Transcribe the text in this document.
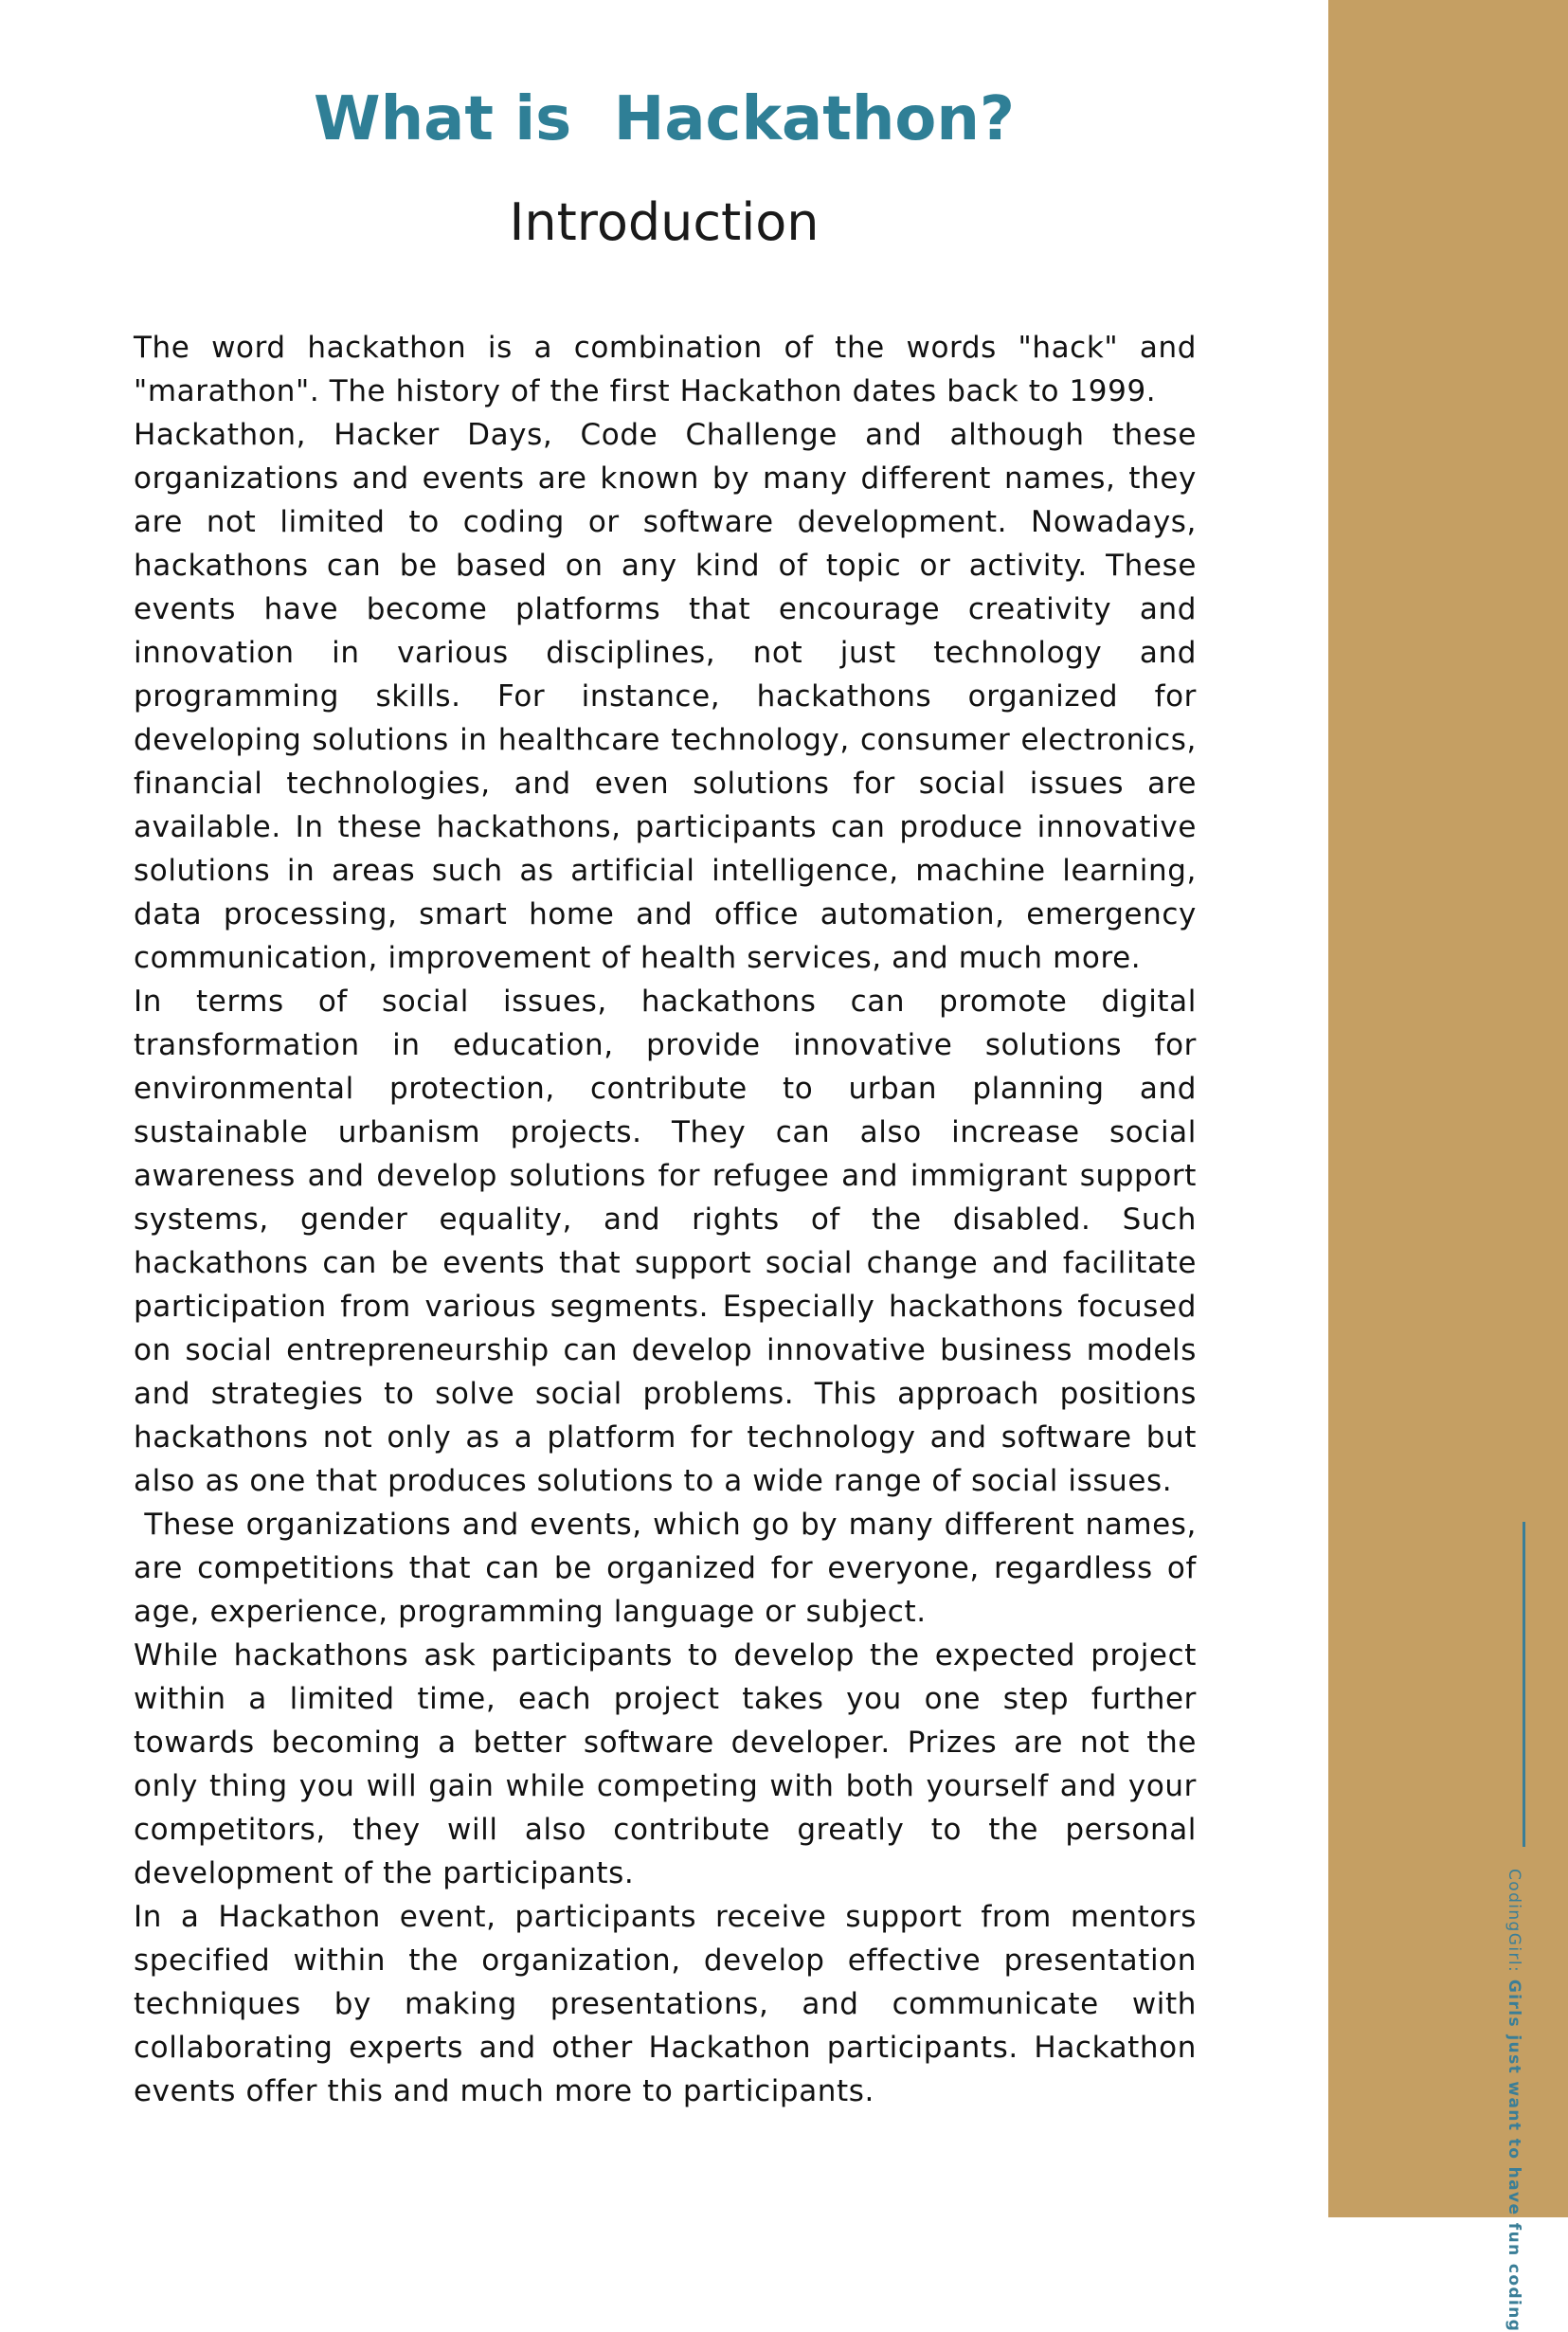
What is  Hackathon?
Introduction

The word hackathon is a combination of the words "hack" and "marathon". The history of the first Hackathon dates back to 1999.

Hackathon, Hacker Days, Code Challenge and although these organizations and events are known by many different names, they are not limited to coding or software development. Nowadays, hackathons can be based on any kind of topic or activity. These events have become platforms that encourage creativity and innovation in various disciplines, not just technology and programming skills. For instance, hackathons organized for developing solutions in healthcare technology, consumer electronics, financial technologies, and even solutions for social issues are available. In these hackathons, participants can produce innovative solutions in areas such as artificial intelligence, machine learning, data processing, smart home and office automation, emergency communication, improvement of health services, and much more.

In terms of social issues, hackathons can promote digital transformation in education, provide innovative solutions for environmental protection, contribute to urban planning and sustainable urbanism projects. They can also increase social awareness and develop solutions for refugee and immigrant support systems, gender equality, and rights of the disabled. Such hackathons can be events that support social change and facilitate participation from various segments. Especially hackathons focused on social entrepreneurship can develop innovative business models and strategies to solve social problems. This approach positions hackathons not only as a platform for technology and software but also as one that produces solutions to a wide range of social issues.

These organizations and events, which go by many different names, are competitions that can be organized for everyone, regardless of age, experience, programming language or subject.

While hackathons ask participants to develop the expected project within a limited time, each project takes you one step further towards becoming a better software developer. Prizes are not the only thing you will gain while competing with both yourself and your competitors, they will also contribute greatly to the personal development of the participants.

In a Hackathon event, participants receive support from mentors specified within the organization, develop effective presentation techniques by making presentations, and communicate with collaborating experts and other Hackathon participants. Hackathon events offer this and much more to participants.

CodingGirl: Girls just want to have fun coding
